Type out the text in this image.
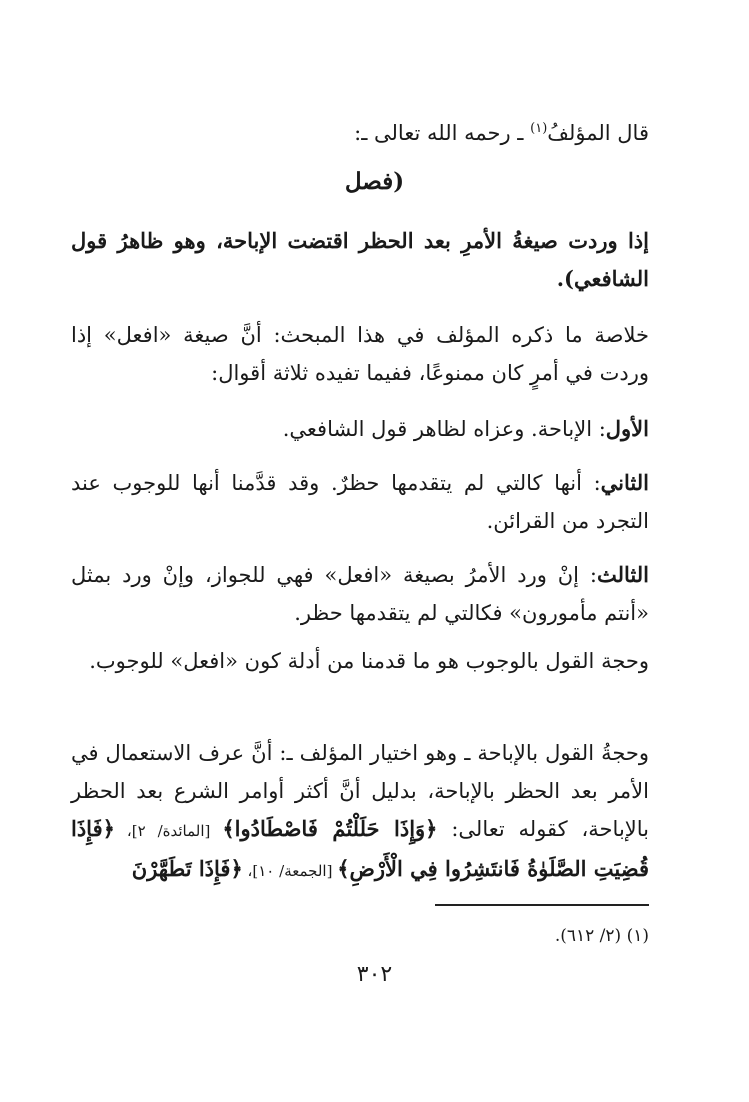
قال المؤلفُ$^{(١)}$ ـ رحمه الله تعالى ـ:
(فصل
إذا وردت صيغةُ الأمرِ بعد الحظر اقتضت الإباحة، وهو ظاهرُ قول الشافعي).
خلاصة ما ذكره المؤلف في هذا المبحث: أنَّ صيغة «افعل» إذا وردت في أمرٍ كان ممنوعًا، ففيما تفيده ثلاثة أقوال:
الأول: الإباحة. وعزاه لظاهر قول الشافعي.
الثاني: أنها كالتي لم يتقدمها حظرٌ. وقد قدَّمنا أنها للوجوب عند التجرد من القرائن.
الثالث: إنْ ورد الأمرُ بصيغة «افعل» فهي للجواز، وإنْ ورد بمثل «أنتم مأمورون» فكالتي لم يتقدمها حظر.
وحجة القول بالوجوب هو ما قدمنا من أدلة كون «افعل» للوجوب.
وحجةُ القول بالإباحة ـ وهو اختيار المؤلف ـ: أنَّ عرف الاستعمال في الأمر بعد الحظر بالإباحة، بدليل أنَّ أكثر أوامر الشرع بعد الحظر بالإباحة، كقوله تعالى: ﴿وَإِذَا حَلَلْتُمْ فَاصْطَادُوا﴾ [المائدة/ ٢]، ﴿فَإِذَا قُضِيَتِ الصَّلَوٰةُ فَانتَشِرُوا فِي الْأَرْضِ﴾ [الجمعة/ ١٠]، ﴿فَإِذَا تَطَهَّرْنَ
(١) (٢/ ٦١٢).
٣٠٢
